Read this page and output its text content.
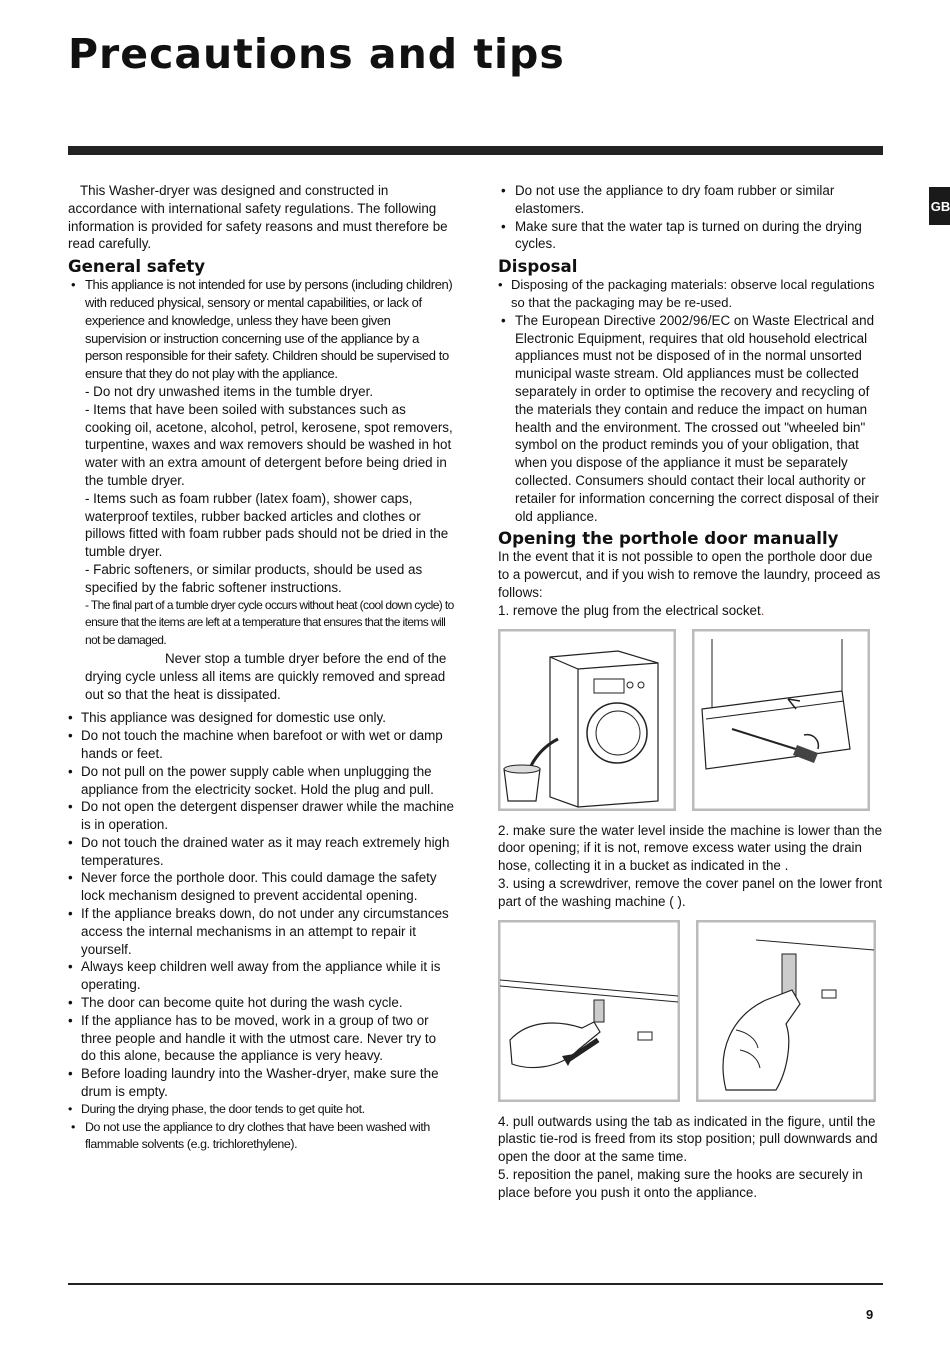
Precautions and tips
GB

This Washer-dryer was designed and constructed in accordance with international safety regulations. The following information is provided for safety reasons and must therefore be read carefully.

General safety
• This appliance is not intended for use by persons (including children) with reduced physical, sensory or mental capabilities, or lack of experience and knowledge, unless they have been given supervision or instruction concerning use of the appliance by a person responsible for their safety. Children should be supervised to ensure that they do not play with the appliance.
- Do not dry unwashed items in the tumble dryer.
- Items that have been soiled with substances such as cooking oil, acetone, alcohol, petrol, kerosene, spot removers, turpentine, waxes and wax removers should be washed in hot water with an extra amount of detergent before being dried in the tumble dryer.
- Items such as foam rubber (latex foam), shower caps, waterproof textiles, rubber backed articles and clothes or pillows fitted with foam rubber pads should not be dried in the tumble dryer.
- Fabric softeners, or similar products, should be used as specified by the fabric softener instructions.
- The final part of a tumble dryer cycle occurs without heat (cool down cycle) to ensure that the items are left at a temperature that ensures that the items will not be damaged.
Never stop a tumble dryer before the end of the drying cycle unless all items are quickly removed and spread out so that the heat is dissipated.
• This appliance was designed for domestic use only.
• Do not touch the machine when barefoot or with wet or damp hands or feet.
• Do not pull on the power supply cable when unplugging the appliance from the electricity socket. Hold the plug and pull.
• Do not open the detergent dispenser drawer while the machine is in operation.
• Do not touch the drained water as it may reach extremely high temperatures.
• Never force the porthole door. This could damage the safety lock mechanism designed to prevent accidental opening.
• If the appliance breaks down, do not under any circumstances access the internal mechanisms in an attempt to repair it yourself.
• Always keep children well away from the appliance while it is operating.
• The door can become quite hot during the wash cycle.
• If the appliance has to be moved, work in a group of two or three people and handle it with the utmost care. Never try to do this alone, because the appliance is very heavy.
• Before loading laundry into the Washer-dryer, make sure the drum is empty.
• During the drying phase, the door tends to get quite hot.
• Do not use the appliance to dry clothes that have been washed with flammable solvents (e.g. trichlorethylene).
• Do not use the appliance to dry foam rubber or similar elastomers.
• Make sure that the water tap is turned on during the drying cycles.
Disposal
• Disposing of the packaging materials: observe local regulations so that the packaging may be re-used.
• The European Directive 2002/96/EC on Waste Electrical and Electronic Equipment, requires that old household electrical appliances must not be disposed of in the normal unsorted municipal waste stream. Old appliances must be collected separately in order to optimise the recovery and recycling of the materials they contain and reduce the impact on human health and the environment. The crossed out "wheeled bin" symbol on the product reminds you of your obligation, that when you dispose of the appliance it must be separately collected. Consumers should contact their local authority or retailer for information concerning the correct disposal of their old appliance.
Opening the porthole door manually

In the event that it is not possible to open the porthole door due to a powercut, and if you wish to remove the laundry, proceed as follows:

1. remove the plug from the electrical socket.

2. make sure the water level inside the machine is lower than the door opening; if it is not, remove excess water using the drain hose, collecting it in a bucket as indicated in the .

3. using a screwdriver, remove the cover panel on the lower front part of the washing machine ( ).

4. pull outwards using the tab as indicated in the figure, until the plastic tie-rod is freed from its stop position; pull downwards and open the door at the same time.

5. reposition the panel, making sure the hooks are securely in place before you push it onto the appliance.

9
